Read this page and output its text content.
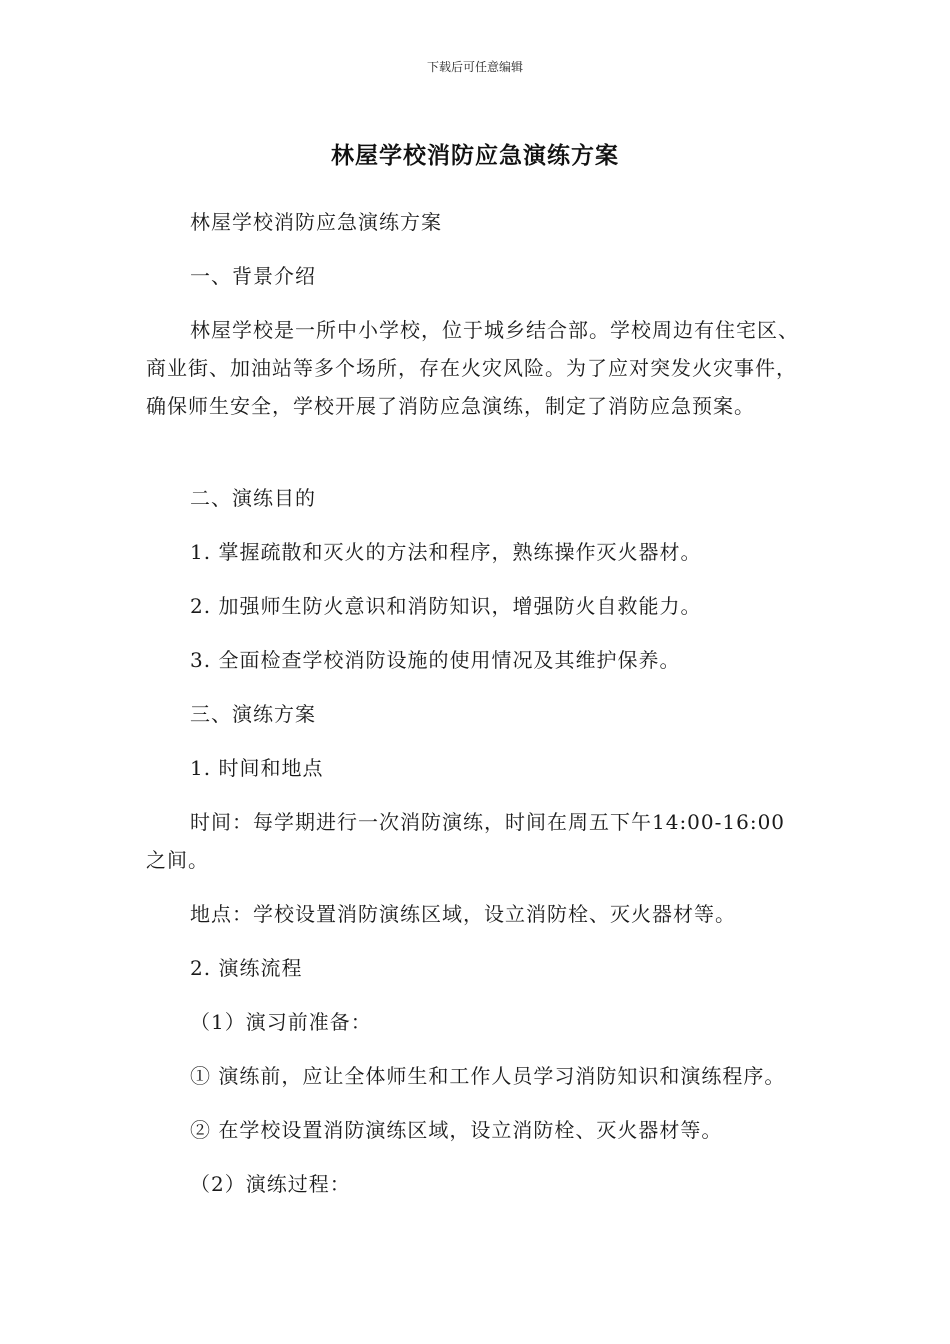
下载后可任意编辑
林屋学校消防应急演练方案
林屋学校消防应急演练方案
一、背景介绍
林屋学校是一所中小学校，位于城乡结合部。学校周边有住宅区、商业街、加油站等多个场所，存在火灾风险。为了应对突发火灾事件，确保师生安全，学校开展了消防应急演练，制定了消防应急预案。
二、演练目的
1. 掌握疏散和灭火的方法和程序，熟练操作灭火器材。
2. 加强师生防火意识和消防知识，增强防火自救能力。
3. 全面检查学校消防设施的使用情况及其维护保养。
三、演练方案
1. 时间和地点
时间：每学期进行一次消防演练，时间在周五下午14:00-16:00之间。
地点：学校设置消防演练区域，设立消防栓、灭火器材等。
2. 演练流程
（1）演习前准备：
① 演练前，应让全体师生和工作人员学习消防知识和演练程序。
② 在学校设置消防演练区域，设立消防栓、灭火器材等。
（2）演练过程：
